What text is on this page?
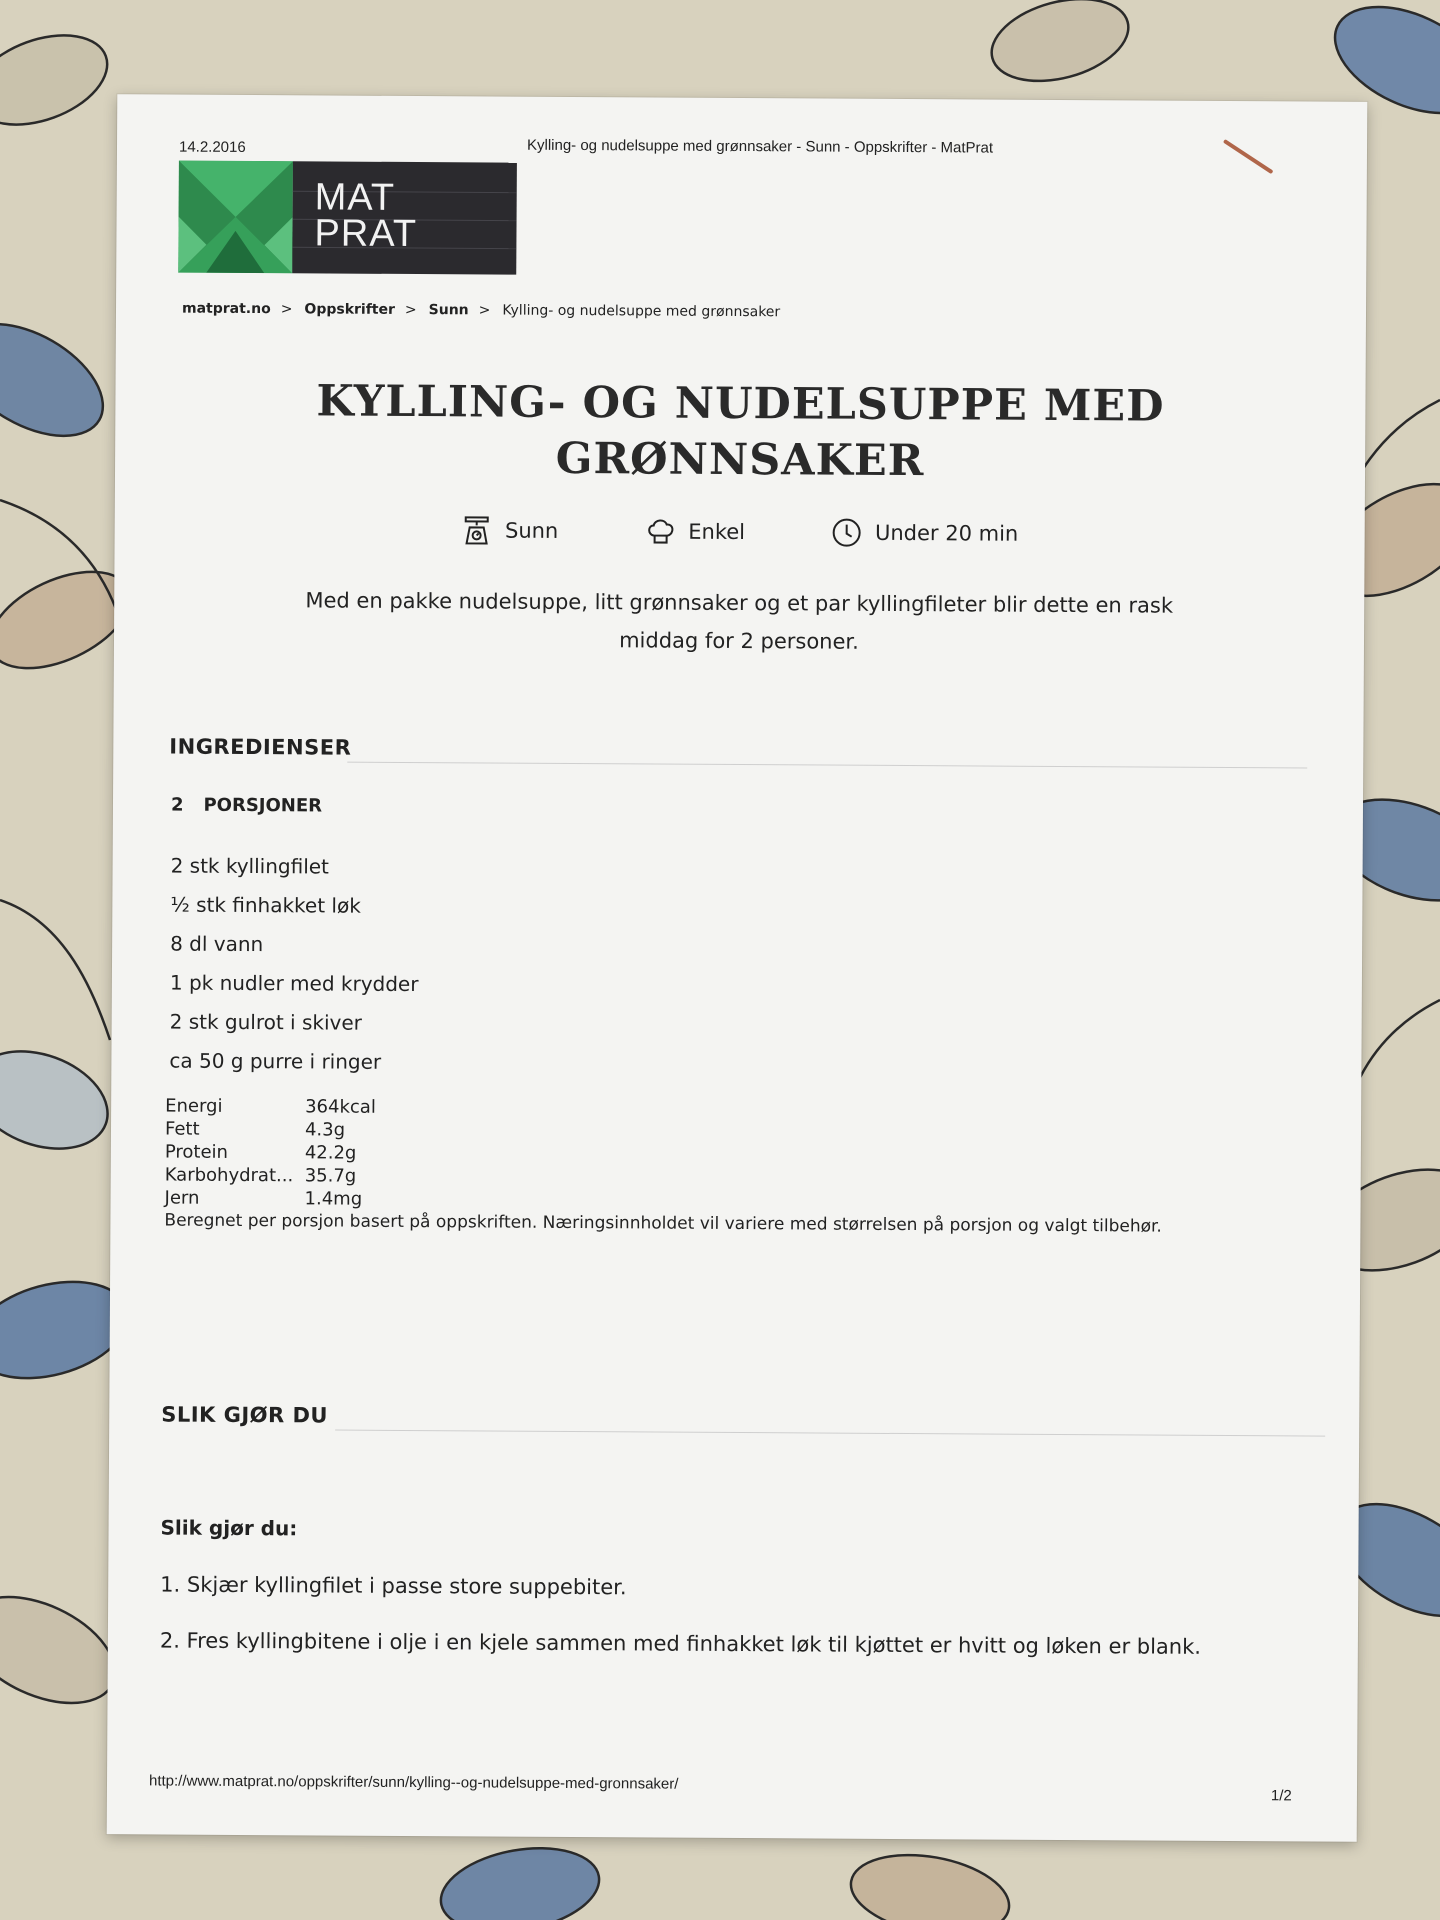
14.2.2016	Kylling- og nudelsuppe med grønnsaker - Sunn - Oppskrifter - MatPrat
MAT
PRAT
matprat.no > Oppskrifter > Sunn > Kylling- og nudelsuppe med grønnsaker
KYLLING- OG NUDELSUPPE MED
GRØNNSAKER
Sunn	Enkel	Under 20 min
Med en pakke nudelsuppe, litt grønnsaker og et par kyllingfileter blir dette en rask
middag for 2 personer.
INGREDIENSER
2 PORSJONER
2 stk kyllingfilet
½ stk finhakket løk
8 dl vann
1 pk nudler med krydder
2 stk gulrot i skiver
ca 50 g purre i ringer
Energi	364kcal
Fett	4.3g
Protein	42.2g
Karbohydrat...	35.7g
Jern	1.4mg
Beregnet per porsjon basert på oppskriften. Næringsinnholdet vil variere med størrelsen på porsjon og valgt tilbehør.
SLIK GJØR DU
Slik gjør du:
1. Skjær kyllingfilet i passe store suppebiter.
2. Fres kyllingbitene i olje i en kjele sammen med finhakket løk til kjøttet er hvitt og løken er blank.
http://www.matprat.no/oppskrifter/sunn/kylling--og-nudelsuppe-med-gronnsaker/
1/2
